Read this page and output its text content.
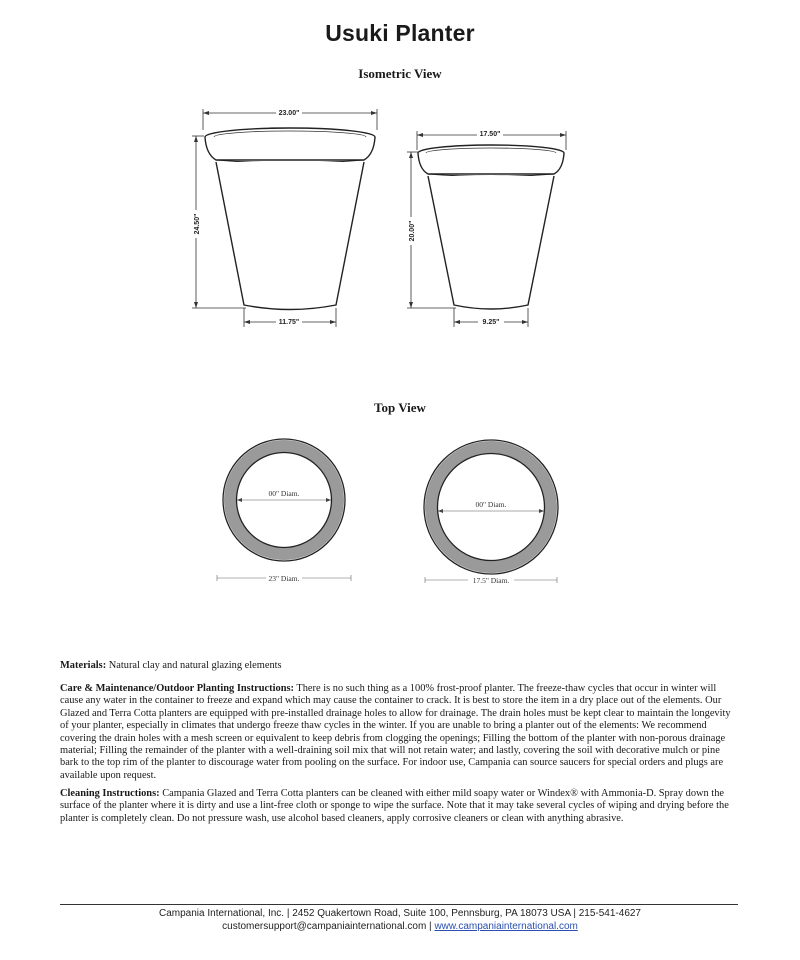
Usuki Planter
Isometric View
23.00"
24.50"
11.75"
17.50"
20.00"
9.25"
Top View
00" Diam.
23" Diam.
00" Diam.
17.5" Diam.
Materials: Natural clay and natural glazing elements
Care & Maintenance/Outdoor Planting Instructions: There is no such thing as a 100% frost-proof planter. The freeze-thaw cycles that occur in winter will cause any water in the container to freeze and expand which may cause the container to crack. It is best to store the item in a dry place out of the elements. Our Glazed and Terra Cotta planters are equipped with pre-installed drainage holes to allow for drainage. The drain holes must be kept clear to maintain the longevity of your planter, especially in climates that undergo freeze thaw cycles in the winter. If you are unable to bring a planter out of the elements: We recommend covering the drain holes with a mesh screen or equivalent to keep debris from clogging the openings; Filling the bottom of the planter with non-porous drainage material; Filling the remainder of the planter with a well-draining soil mix that will not retain water; and lastly, covering the soil with decorative mulch or pine bark to the top rim of the planter to discourage water from pooling on the surface. For indoor use, Campania can source saucers for special orders and plugs are available upon request.
Cleaning Instructions: Campania Glazed and Terra Cotta planters can be cleaned with either mild soapy water or Windex® with Ammonia-D. Spray down the surface of the planter where it is dirty and use a lint-free cloth or sponge to wipe the surface. Note that it may take several cycles of wiping and drying before the planter is completely clean. Do not pressure wash, use alcohol based cleaners, apply corrosive cleaners or clean with anything abrasive.
Campania International, Inc. | 2452 Quakertown Road, Suite 100, Pennsburg, PA 18073 USA | 215-541-4627
customersupport@campaniainternational.com | www.campaniainternational.com
